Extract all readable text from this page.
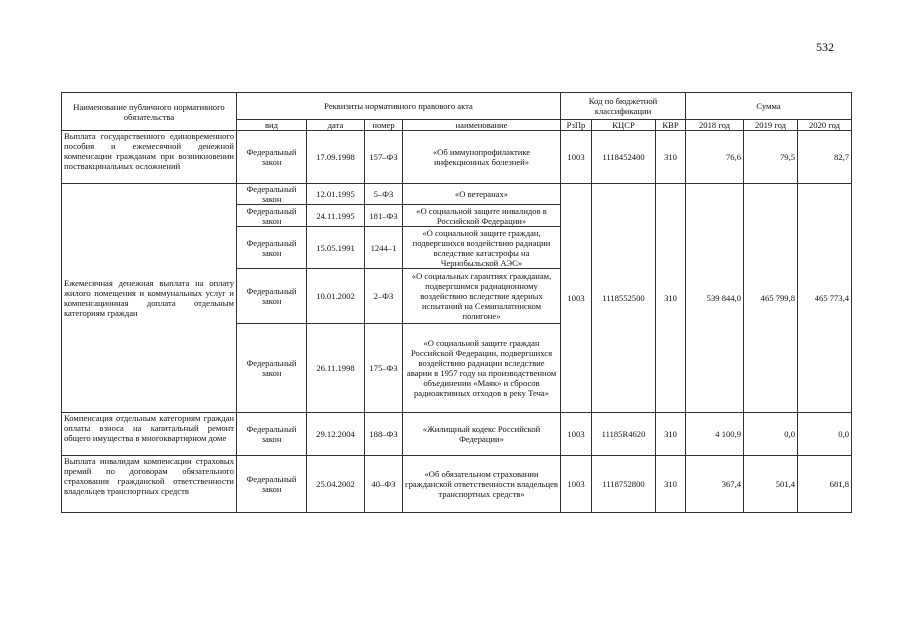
532
Наименование публичного нормативного обязательства	Реквизиты нормативного правового акта				Код по бюджетной классификации			Сумма		
	вид	дата	номер	наименование	РзПр	КЦСР	КВР	2018 год	2019 год	2020 год
Выплата государственного единовременного пособия и ежемесячной денежной компенсации гражданам при возникновении поствакцинальных осложнений	Федеральный закон	17.09.1998	157–ФЗ	«Об иммунопрофилактике инфекционных болезней»	1003	1118452400	310	76,6	79,5	82,7
Ежемесячная денежная выплата на оплату жилого помещения и коммунальных услуг и компенсационная доплата отдельным категориям граждан	Федеральный закон	12.01.1995	5–ФЗ	«О ветеранах»	1003	1118552500	310	539 844,0	465 799,8	465 773,4
	Федеральный закон	24.11.1995	181–ФЗ	«О социальной защите инвалидов в Российской Федерации»						
	Федеральный закон	15.05.1991	1244–1	«О социальной защите граждан, подвергшихся воздействию радиации вследствие катастрофы на Чернобыльской АЭС»						
	Федеральный закон	10.01.2002	2–ФЗ	«О социальных гарантиях гражданам, подвергшимся радиационному воздействию вследствие ядерных испытаний на Семипалатинском полигоне»						
	Федеральный закон	26.11.1998	175–ФЗ	«О социальной защите граждан Российской Федерации, подвергшихся воздействию радиации вследствие аварии в 1957 году на производственном объединении «Маяк» и сбросов радиоактивных отходов в реку Теча»						
Компенсация отдельным категориям граждан оплаты взноса на капитальный ремонт общего имущества в многоквартирном доме	Федеральный закон	29.12.2004	188–ФЗ	«Жилищный кодекс Российской Федерации»	1003	11185R4620	310	4 100,9	0,0	0,0
Выплата инвалидам компенсации страховых премий по договорам обязательного страхования гражданской ответственности владельцев транспортных средств	Федеральный закон	25.04.2002	40–ФЗ	«Об обязательном страховании гражданской ответственности владельцев транспортных средств»	1003	1118752800	310	367,4	501,4	681,8
